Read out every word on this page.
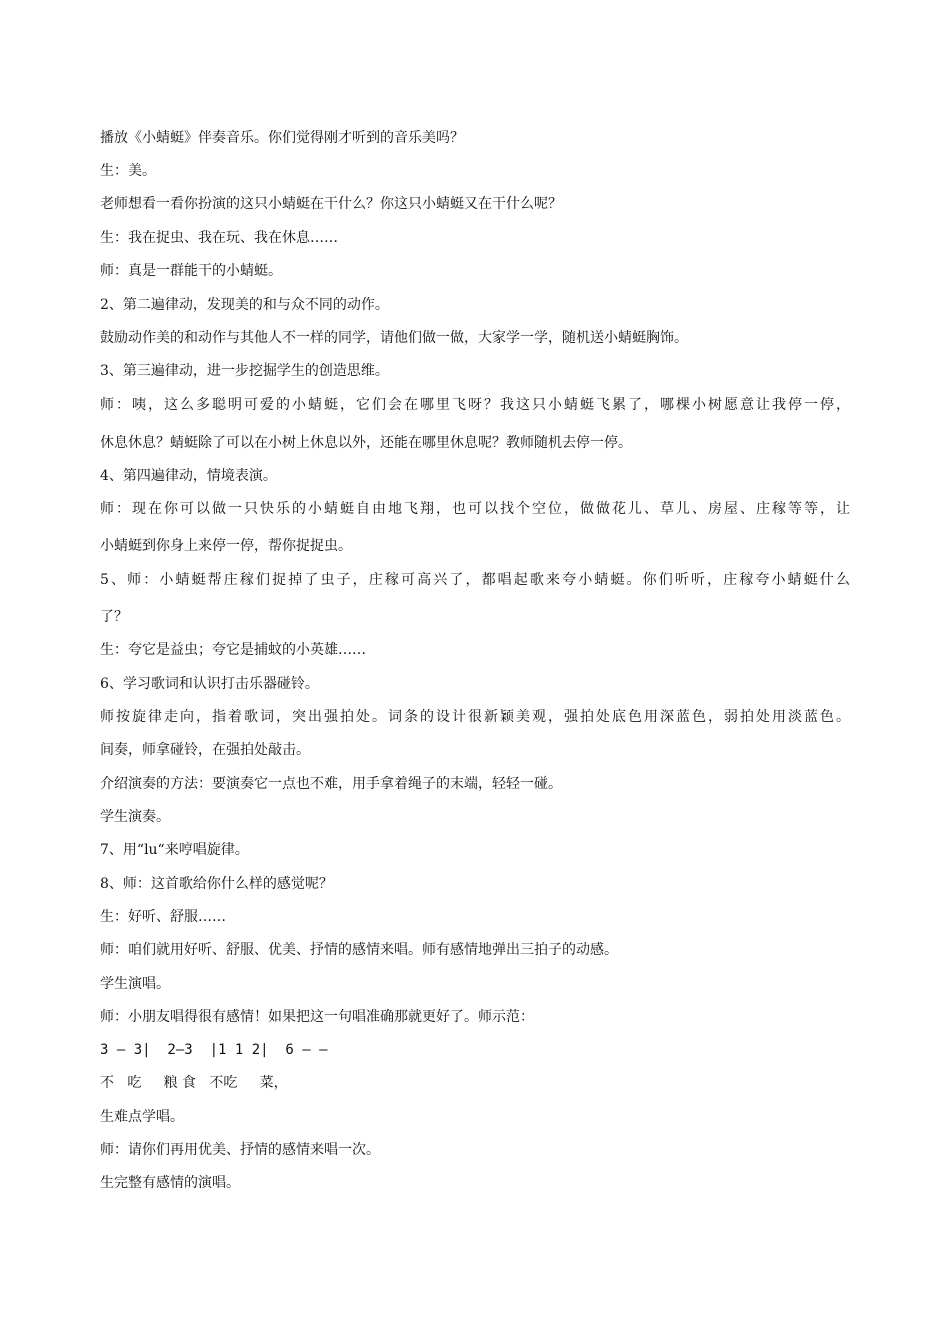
播放《小蜻蜓》伴奏音乐。你们觉得刚才听到的音乐美吗？

生：美。

老师想看一看你扮演的这只小蜻蜓在干什么？你这只小蜻蜓又在干什么呢？

生：我在捉虫、我在玩、我在休息……

师：真是一群能干的小蜻蜓。

2、第二遍律动，发现美的和与众不同的动作。

鼓励动作美的和动作与其他人不一样的同学，请他们做一做，大家学一学，随机送小蜻蜓胸饰。

3、第三遍律动，进一步挖掘学生的创造思维。

师：咦，这么多聪明可爱的小蜻蜓，它们会在哪里飞呀？我这只小蜻蜓飞累了，哪棵小树愿意让我停一停，

休息休息？蜻蜓除了可以在小树上休息以外，还能在哪里休息呢？教师随机去停一停。

4、第四遍律动，情境表演。

师：现在你可以做一只快乐的小蜻蜓自由地飞翔，也可以找个空位，做做花儿、草儿、房屋、庄稼等等，让

小蜻蜓到你身上来停一停，帮你捉捉虫。

5、师：小蜻蜓帮庄稼们捉掉了虫子，庄稼可高兴了，都唱起歌来夸小蜻蜓。你们听听，庄稼夸小蜻蜓什么

了？

生：夸它是益虫；夸它是捕蚊的小英雄……

6、学习歌词和认识打击乐器碰铃。

师按旋律走向，指着歌词，突出强拍处。词条的设计很新颖美观，强拍处底色用深蓝色，弱拍处用淡蓝色。

间奏，师拿碰铃，在强拍处敲击。

介绍演奏的方法：要演奏它一点也不难，用手拿着绳子的末端，轻轻一碰。

学生演奏。

7、用“lu“来哼唱旋律。

8、师：这首歌给你什么样的感觉呢？

生：好听、舒服……

师：咱们就用好听、舒服、优美、抒情的感情来唱。师有感情地弹出三拍子的动感。

学生演唱。

师：小朋友唱得很有感情！如果把这一句唱准确那就更好了。师示范：

3 — 3|  2—3  |1 1 2|  6 — —

不   吃     粮 食   不吃     菜，

生难点学唱。

师：请你们再用优美、抒情的感情来唱一次。

生完整有感情的演唱。
